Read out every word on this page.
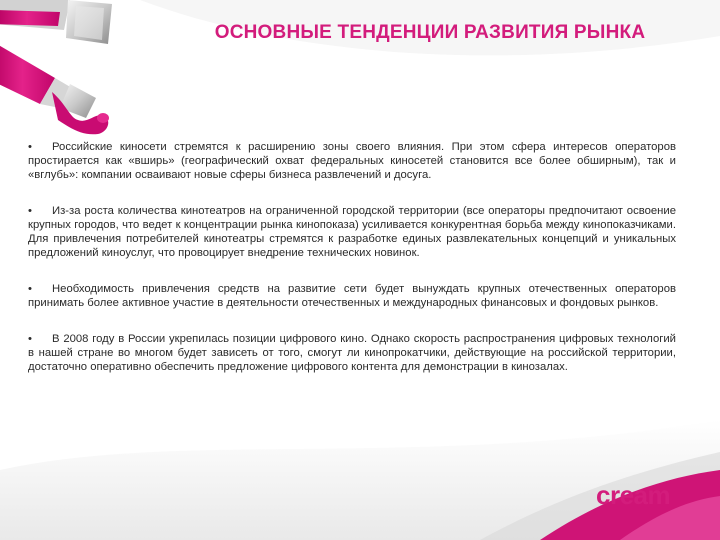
ОСНОВНЫЕ ТЕНДЕНЦИИ РАЗВИТИЯ РЫНКА

• Российские киносети стремятся к расширению зоны своего влияния. При этом сфера интересов операторов простирается как «вширь» (географический охват федеральных киносетей становится все более обширным), так и «вглубь»: компании осваивают новые сферы бизнеса развлечений и досуга.

• Из-за роста количества кинотеатров на ограниченной городской территории (все операторы предпочитают освоение крупных городов, что ведет к концентрации рынка кинопоказа) усиливается конкурентная борьба между кинопоказчиками. Для привлечения потребителей кинотеатры стремятся к разработке единых развлекательных концепций и уникальных предложений киноуслуг, что провоцирует внедрение технических новинок.

• Необходимость привлечения средств на развитие сети будет вынуждать крупных отечественных операторов принимать более активное участие в деятельности отечественных и международных финансовых и фондовых рынков.

• В 2008 году в России укрепилась позиции цифрового кино. Однако скорость распространения цифровых технологий в нашей стране во многом будет зависеть от того, смогут ли кинопрокатчики, действующие на российской территории, достаточно оперативно обеспечить предложение цифрового контента для демонстрации в кинозалах.

cream
